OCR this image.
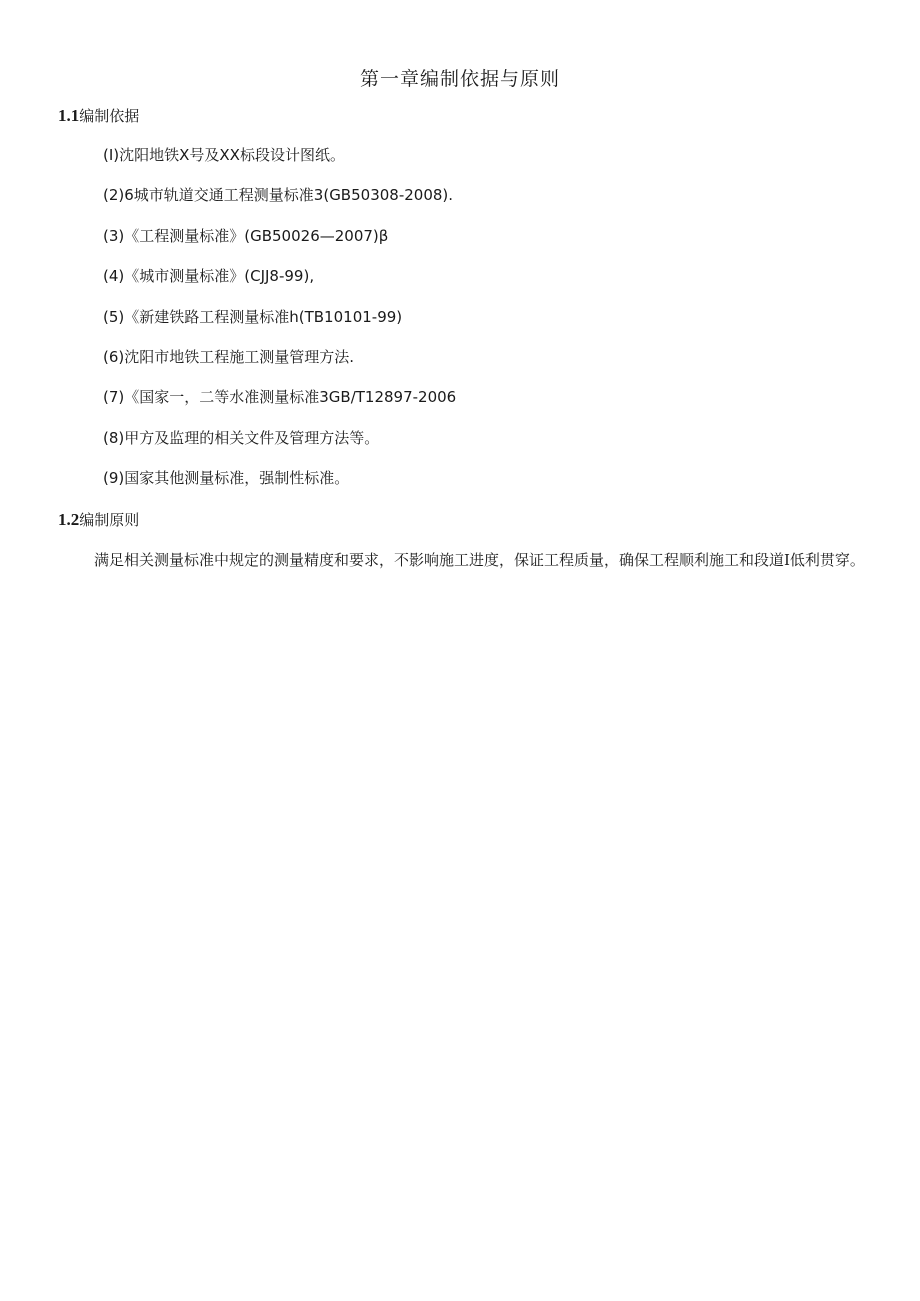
第一章编制依据与原则
1.1编制依据
(I)沈阳地铁X号及XX标段设计图纸。
(2)6城市轨道交通工程测量标准3(GB50308-2008).
(3)《工程测量标准》(GB50026—2007)β
(4)《城市测量标准》(CJJ8-99),
(5)《新建铁路工程测量标准h(TB10101-99)
(6)沈阳市地铁工程施工测量管理方法.
(7)《国家一，二等水准测量标准3GB/T12897-2006
(8)甲方及监理的相关文件及管理方法等。
(9)国家其他测量标准，强制性标准。
1.2编制原则

满足相关测量标准中规定的测量精度和要求，不影响施工进度，保证工程质量，确保工程顺利施工和段道I低利贯穿。
